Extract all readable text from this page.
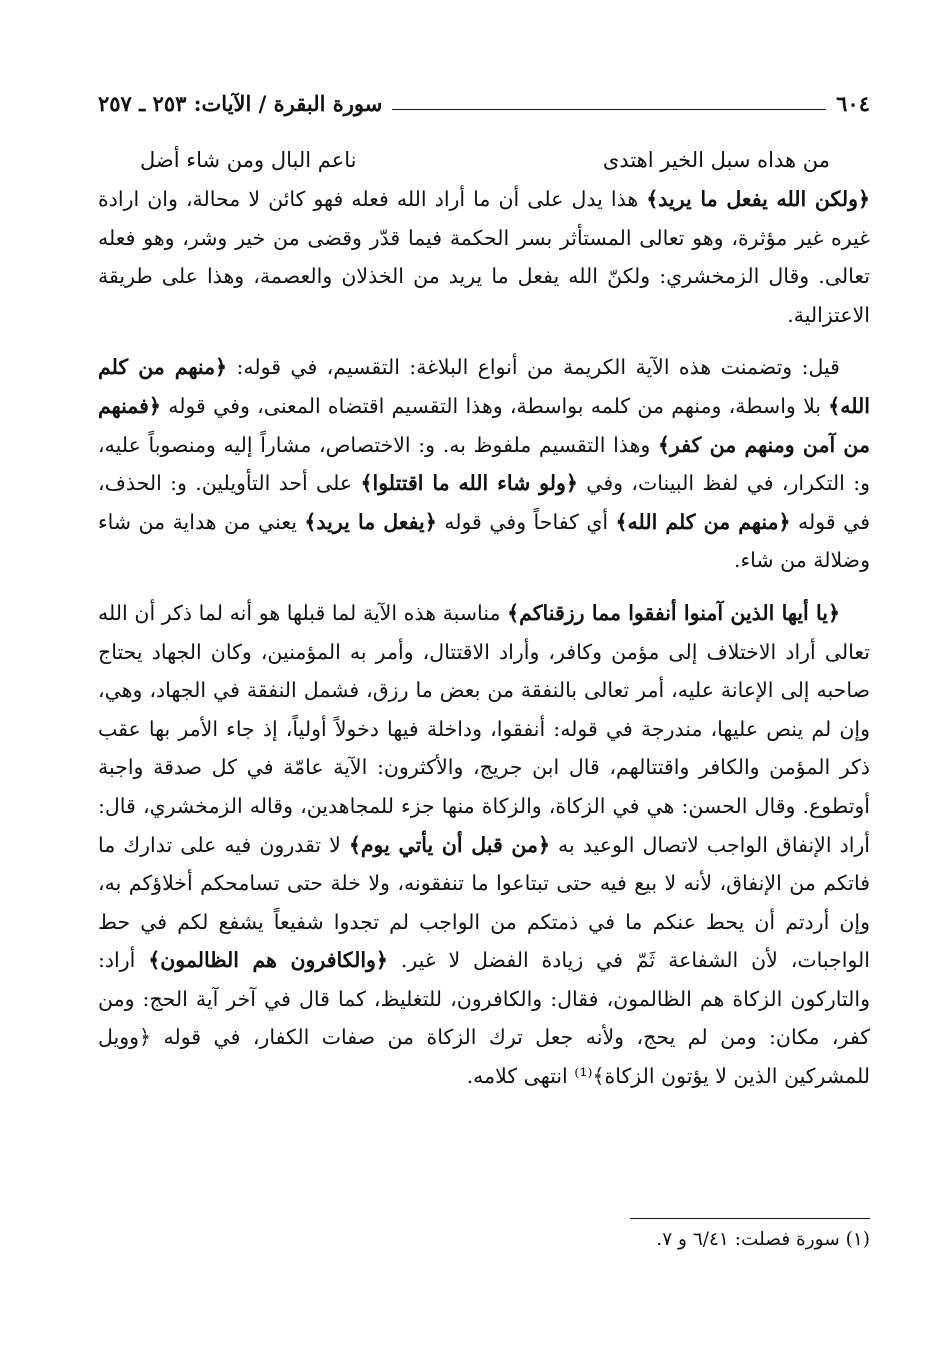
٦٠٤
سورة البقرة / الآيات: ٢٥٣ ـ ٢٥٧
من هداه سبل الخير اهتدى
ناعم البال ومن شاء أضل

﴿ولكن الله يفعل ما يريد﴾ هذا يدل على أن ما أراد الله فعله فهو كائن لا محالة، وان ارادة غيره غير مؤثرة، وهو تعالى المستأثر بسر الحكمة فيما قدّر وقضى من خير وشر، وهو فعله تعالى. وقال الزمخشري: ولكنّ الله يفعل ما يريد من الخذلان والعصمة، وهذا على طريقة الاعتزالية.

قيل: وتضمنت هذه الآية الكريمة من أنواع البلاغة: التقسيم، في قوله: ﴿منهم من كلم الله﴾ بلا واسطة، ومنهم من كلمه بواسطة، وهذا التقسيم اقتضاه المعنى، وفي قوله ﴿فمنهم من آمن ومنهم من كفر﴾ وهذا التقسيم ملفوظ به. و: الاختصاص، مشاراً إليه ومنصوباً عليه، و: التكرار، في لفظ البينات، وفي ﴿ولو شاء الله ما اقتتلوا﴾ على أحد التأويلين. و: الحذف، في قوله ﴿منهم من كلم الله﴾ أي كفاحاً وفي قوله ﴿يفعل ما يريد﴾ يعني من هداية من شاء وضلالة من شاء.

﴿يا أيها الذين آمنوا أنفقوا مما رزقناكم﴾ مناسبة هذه الآية لما قبلها هو أنه لما ذكر أن الله تعالى أراد الاختلاف إلى مؤمن وكافر، وأراد الاقتتال، وأمر به المؤمنين، وكان الجهاد يحتاج صاحبه إلى الإعانة عليه، أمر تعالى بالنفقة من بعض ما رزق، فشمل النفقة في الجهاد، وهي، وإن لم ينص عليها، مندرجة في قوله: أنفقوا، وداخلة فيها دخولاً أولياً، إذ جاء الأمر بها عقب ذكر المؤمن والكافر واقتتالهم، قال ابن جريج، والأكثرون: الآية عامّة في كل صدقة واجبة أوتطوع. وقال الحسن: هي في الزكاة، والزكاة منها جزء للمجاهدين، وقاله الزمخشري، قال: أراد الإنفاق الواجب لاتصال الوعيد به ﴿من قبل أن يأتي يوم﴾ لا تقدرون فيه على تدارك ما فاتكم من الإنفاق، لأنه لا بيع فيه حتى تبتاعوا ما تنفقونه، ولا خلة حتى تسامحكم أخلاؤكم به، وإن أردتم أن يحط عنكم ما في ذمتكم من الواجب لم تجدوا شفيعاً يشفع لكم في حط الواجبات، لأن الشفاعة ثَمّ في زيادة الفضل لا غير. ﴿والكافرون هم الظالمون﴾ أراد: والتاركون الزكاة هم الظالمون، فقال: والكافرون، للتغليظ، كما قال في آخر آية الحج: ومن كفر، مكان: ومن لم يحج، ولأنه جعل ترك الزكاة من صفات الكفار، في قوله ﴿وويل للمشركين الذين لا يؤتون الزكاة﴾⁽¹⁾ انتهى كلامه.

(١) سورة فصلت: ٦/٤١ و ٧.
